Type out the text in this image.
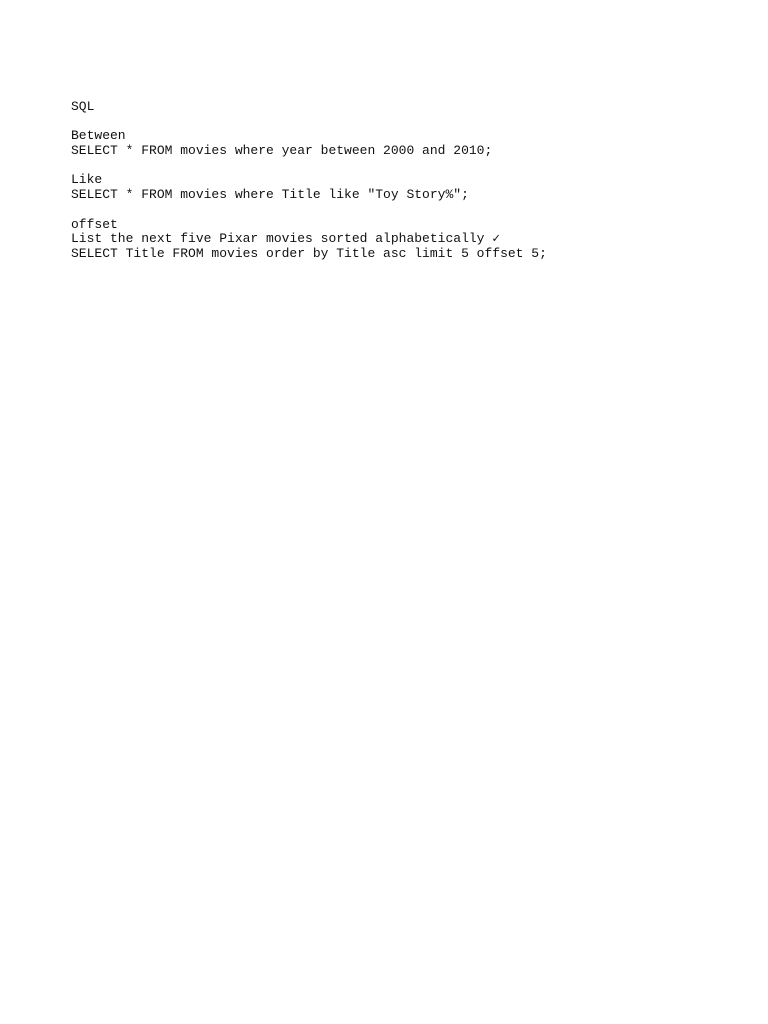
SQL
Between
SELECT * FROM movies where year between 2000 and 2010;
Like
SELECT * FROM movies where Title like "Toy Story%";
offset
List the next five Pixar movies sorted alphabetically ✓
SELECT Title FROM movies order by Title asc limit 5 offset 5;
